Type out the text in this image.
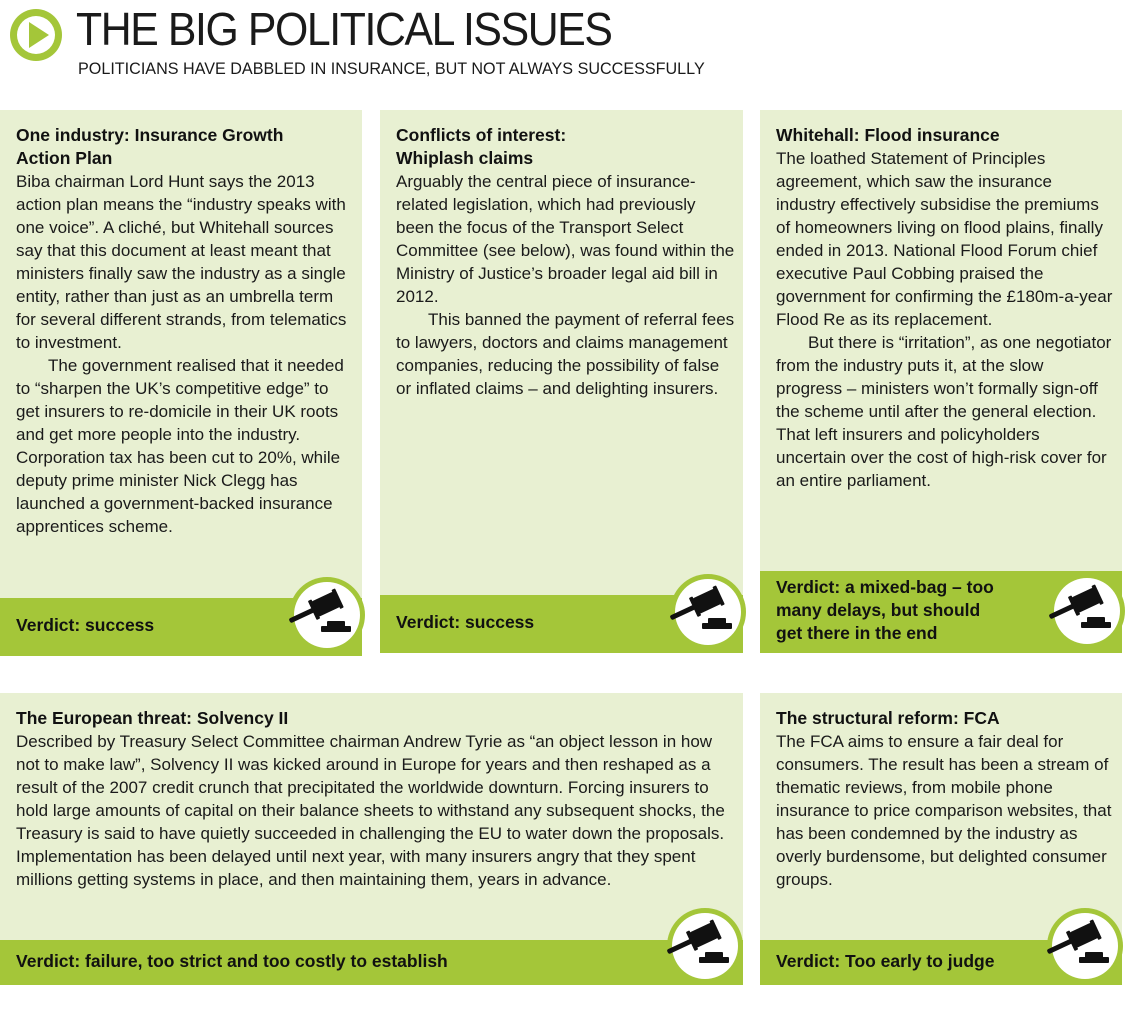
THE BIG POLITICAL ISSUES
POLITICIANS HAVE DABBLED IN INSURANCE, BUT NOT ALWAYS SUCCESSFULLY

One industry: Insurance Growth
Action Plan

Biba chairman Lord Hunt says the 2013 action plan means the “industry speaks with one voice”. A cliché, but Whitehall sources say that this document at least meant that ministers finally saw the industry as a single entity, rather than just as an umbrella term for several different strands, from telematics to investment.
The government realised that it needed to “sharpen the UK’s competitive edge” to get insurers to re-domicile in their UK roots and get more people into the industry. Corporation tax has been cut to 20%, while deputy prime minister Nick Clegg has launched a government-backed insurance apprentices scheme.

Verdict: success

Conflicts of interest:
Whiplash claims

Arguably the central piece of insurance-related legislation, which had previously been the focus of the Transport Select Committee (see below), was found within the Ministry of Justice’s broader legal aid bill in 2012.
This banned the payment of referral fees to lawyers, doctors and claims management companies, reducing the possibility of false or inflated claims – and delighting insurers.

Verdict: success

Whitehall: Flood insurance

The loathed Statement of Principles agreement, which saw the insurance industry effectively subsidise the premiums of homeowners living on flood plains, finally ended in 2013. National Flood Forum chief executive Paul Cobbing praised the government for confirming the £180m-a-year Flood Re as its replacement.
But there is “irritation”, as one negotiator from the industry puts it, at the slow progress – ministers won’t formally sign-off the scheme until after the general election. That left insurers and policyholders uncertain over the cost of high-risk cover for an entire parliament.

Verdict: a mixed-bag – too
many delays, but should
get there in the end

The European threat: Solvency II

Described by Treasury Select Committee chairman Andrew Tyrie as “an object lesson in how not to make law”, Solvency II was kicked around in Europe for years and then reshaped as a result of the 2007 credit crunch that precipitated the worldwide downturn. Forcing insurers to hold large amounts of capital on their balance sheets to withstand any subsequent shocks, the Treasury is said to have quietly succeeded in challenging the EU to water down the proposals. Implementation has been delayed until next year, with many insurers angry that they spent millions getting systems in place, and then maintaining them, years in advance.

Verdict: failure, too strict and too costly to establish

The structural reform: FCA

The FCA aims to ensure a fair deal for consumers. The result has been a stream of thematic reviews, from mobile phone insurance to price comparison websites, that has been condemned by the industry as overly burdensome, but delighted consumer groups.

Verdict: Too early to judge
